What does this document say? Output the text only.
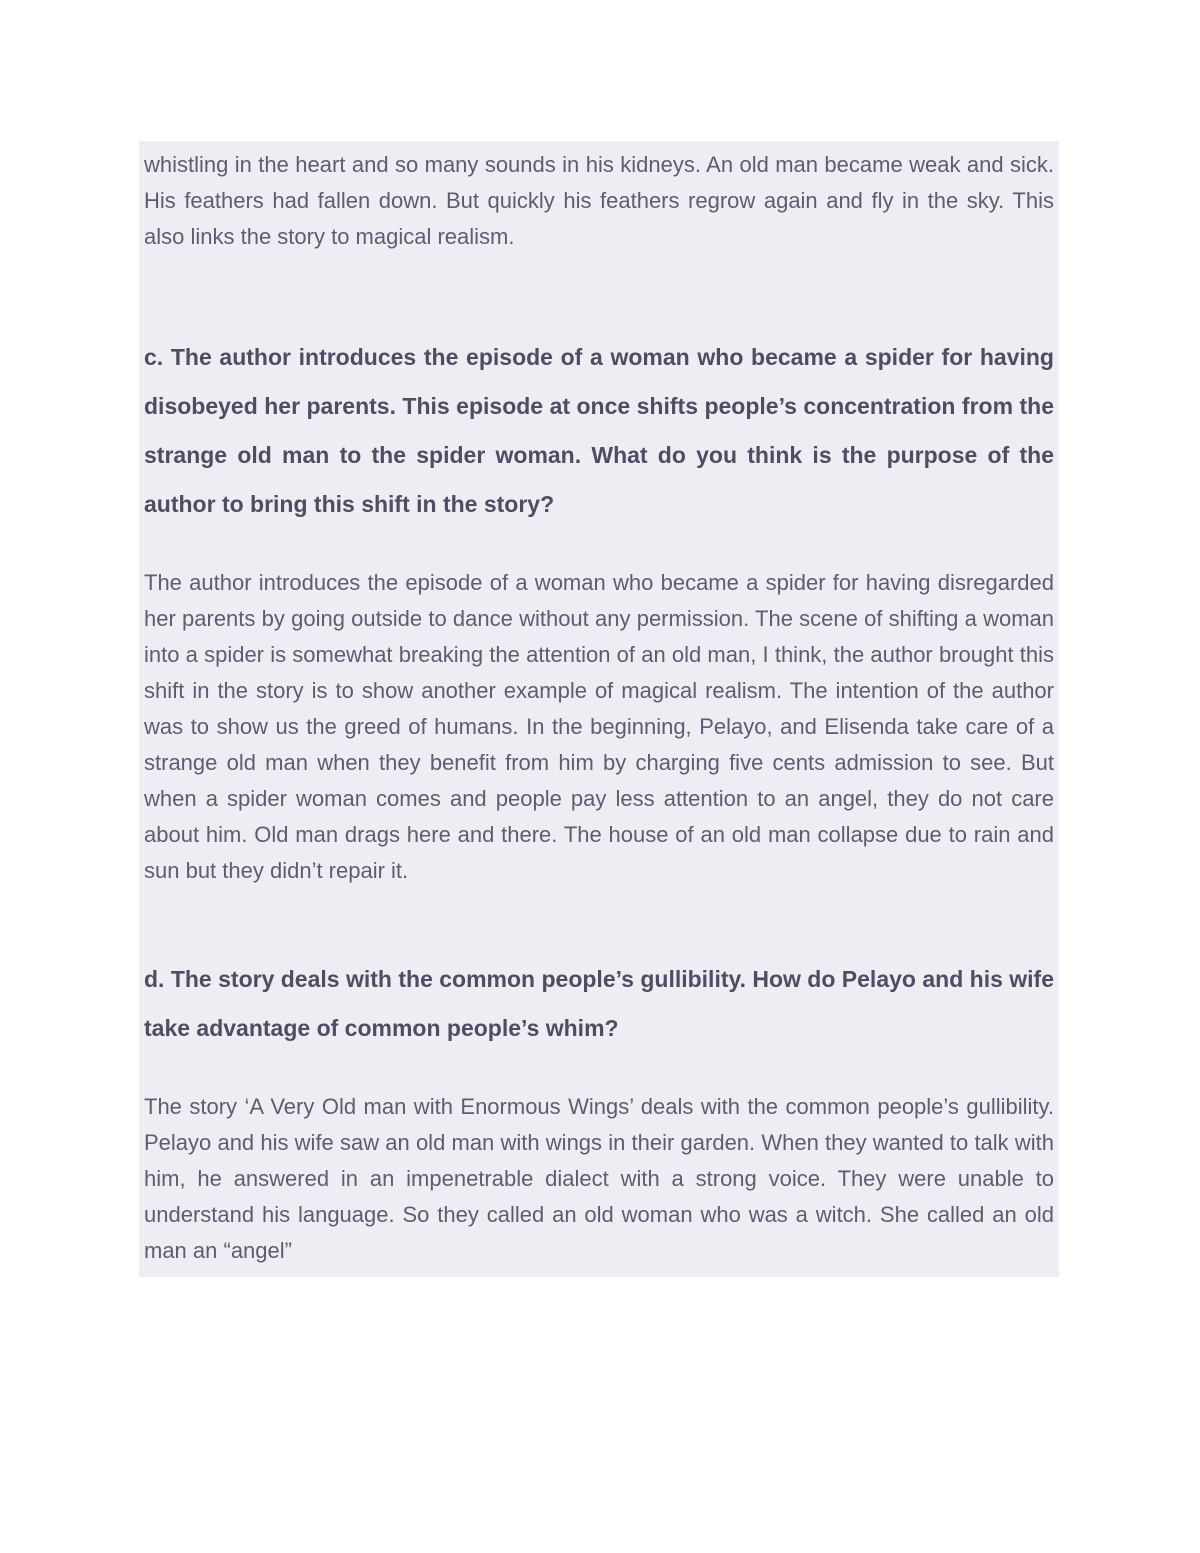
whistling in the heart and so many sounds in his kidneys. An old man became weak and sick. His feathers had fallen down. But quickly his feathers regrow again and fly in the sky. This also links the story to magical realism.

c. The author introduces the episode of a woman who became a spider for having disobeyed her parents. This episode at once shifts people’s concentration from the strange old man to the spider woman. What do you think is the purpose of the author to bring this shift in the story?

The author introduces the episode of a woman who became a spider for having disregarded her parents by going outside to dance without any permission. The scene of shifting a woman into a spider is somewhat breaking the attention of an old man, I think, the author brought this shift in the story is to show another example of magical realism. The intention of the author was to show us the greed of humans. In the beginning, Pelayo, and Elisenda take care of a strange old man when they benefit from him by charging five cents admission to see. But when a spider woman comes and people pay less attention to an angel, they do not care about him. Old man drags here and there. The house of an old man collapse due to rain and sun but they didn’t repair it.

d. The story deals with the common people’s gullibility. How do Pelayo and his wife take advantage of common people’s whim?

The story ‘A Very Old man with Enormous Wings’ deals with the common people’s gullibility. Pelayo and his wife saw an old man with wings in their garden. When they wanted to talk with him, he answered in an impenetrable dialect with a strong voice. They were unable to understand his language. So they called an old woman who was a witch. She called an old man an “angel”
